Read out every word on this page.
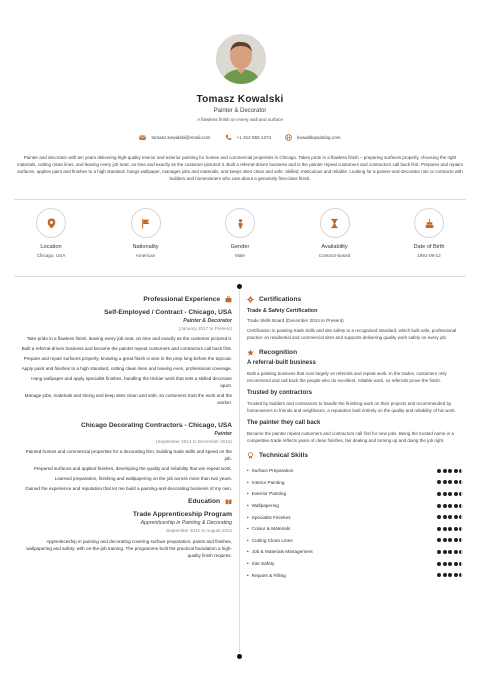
Tomasz Kowalski
Painter & Decorator
A flawless finish on every wall and surface
tomasz.kowalski@email.com	+1 312 555 1274	kowalskipainting.com
Painter and decorator with ten years delivering high-quality interior and exterior painting for homes and commercial properties in Chicago. Takes pride in a flawless finish – preparing surfaces properly, choosing the right materials, cutting clean lines, and leaving every job neat, on time and exactly as the customer pictured it. Built a referral-driven business and is the painter repeat customers and contractors call back first. Prepares and repairs surfaces, applies paint and finishes to a high standard, hangs wallpaper, manages jobs and materials, and keeps sites clean and safe. Skilled, meticulous and reliable. Looking for a painter-and-decorator role or contracts with builders and homeowners who care about a genuinely first-class finish.
Location
Chicago, USA
Nationality
American
Gender
Male
Availability
Contract-based
Date of Birth
1991-09-12
Professional Experience
Self-Employed / Contract - Chicago, USA
Painter & Decorator
(January 2017 to Present)
Take pride in a flawless finish, leaving every job neat, on time and exactly as the customer pictured it.
Built a referral-driven business and became the painter repeat customers and contractors call back first.
Prepare and repair surfaces properly, knowing a great finish is won in the prep long before the topcoat.
Apply paint and finishes to a high standard, cutting clean lines and leaving even, professional coverage.
Hang wallpaper and apply specialist finishes, handling the trickier work that sets a skilled decorator apart.
Manage jobs, materials and timing and keep sites clean and safe, so customers trust the work and the worker.
Chicago Decorating Contractors - Chicago, USA
Painter
(September 2014 to December 2016)
Painted homes and commercial properties for a decorating firm, building trade skills and speed on the job.
Prepared surfaces and applied finishes, developing the quality and reliability that win repeat work.
Learned preparation, finishing and wallpapering on the job across more than two years.
Gained the experience and reputation that let me build a painting-and-decorating business of my own.
Education
Trade Apprenticeship Program
Apprenticeship in Painting & Decorating
September 2012 to August 2014
Apprenticeship in painting and decorating covering surface preparation, paints and finishes, wallpapering and safety, with on-the-job training. The programme built the practical foundation a high-quality finish requires.
Certifications
Trade & Safety Certification
Trade Skills Board (December 2014 to Present)
Certification in painting trade skills and site safety to a recognised standard, which built safe, professional practice on residential and commercial sites and supports delivering quality work safely on every job.
Recognition
A referral-built business
Built a painting business that runs largely on referrals and repeat work. In the trades, customers only recommend and call back the people who do excellent, reliable work, so referrals prove the finish.
Trusted by contractors
Trusted by builders and contractors to handle the finishing work on their projects and recommended by homeowners to friends and neighbours, a reputation built entirely on the quality and reliability of his work.
The painter they call back
Became the painter repeat customers and contractors call first for new jobs. Being the trusted name in a competitive trade reflects years of clean finishes, fair dealing and turning up and doing the job right.
Technical Skills
• Surface Preparation
• Interior Painting
• Exterior Painting
• Wallpapering
• Specialist Finishes
• Colour & Materials
• Cutting Clean Lines
• Job & Materials Management
• Site Safety
• Repairs & Filling
